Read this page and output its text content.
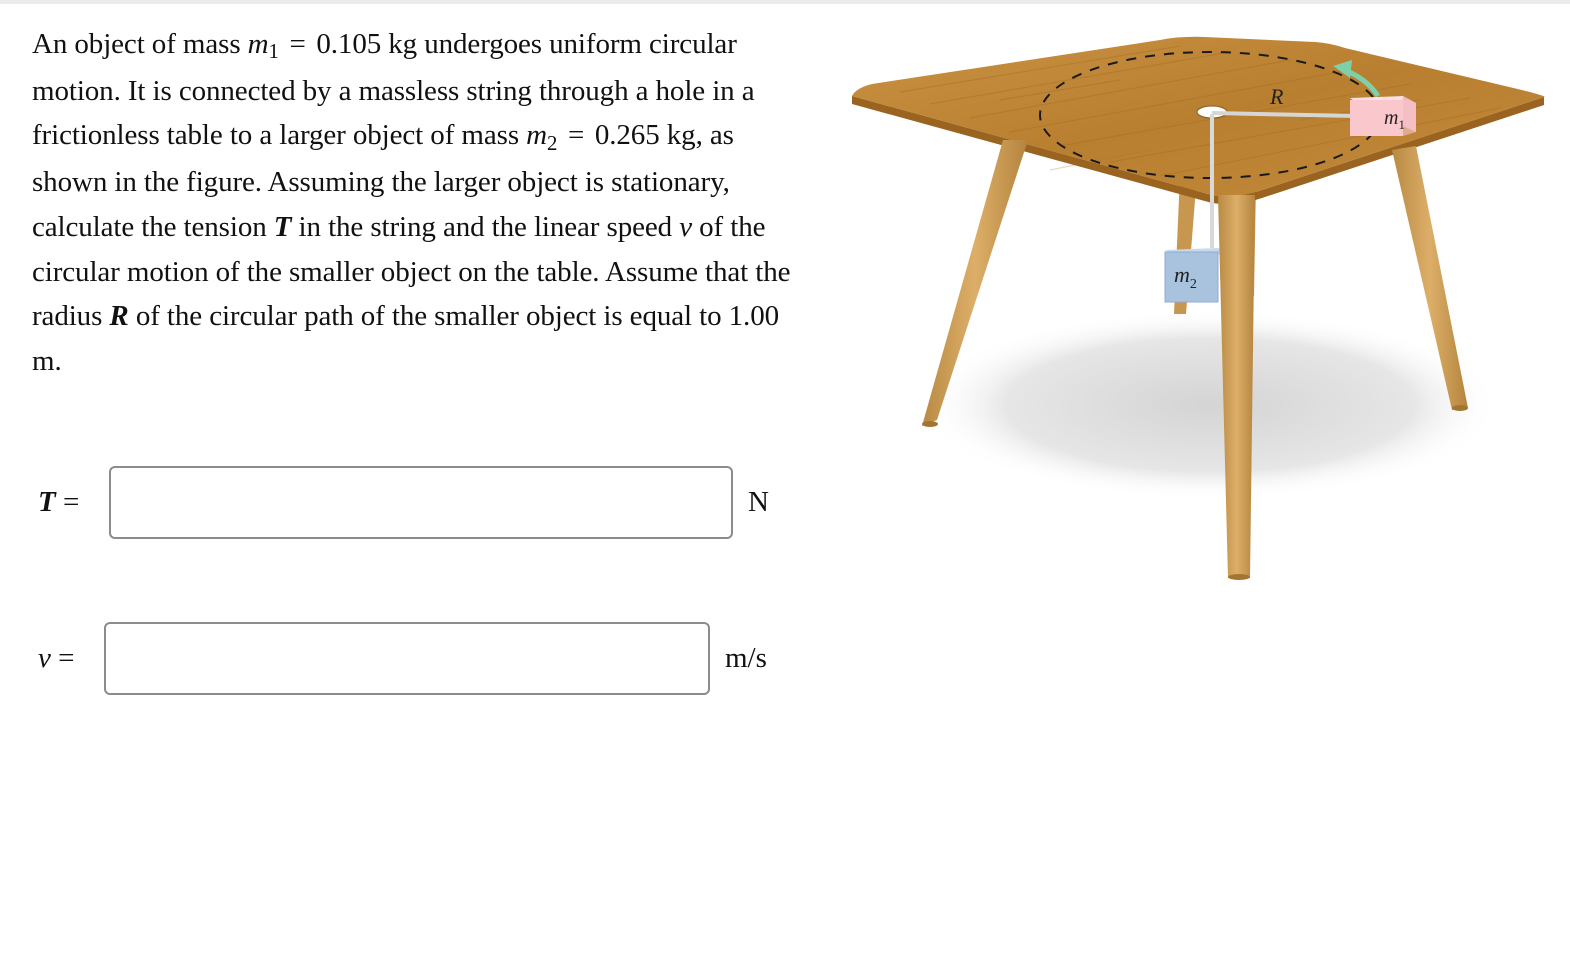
An object of mass m1 = 0.105 kg undergoes uniform circular motion. It is connected by a massless string through a hole in a frictionless table to a larger object of mass m2 = 0.265 kg, as shown in the figure. Assuming the larger object is stationary, calculate the tension T in the string and the linear speed v of the circular motion of the smaller object on the table. Assume that the radius R of the circular path of the smaller object is equal to 1.00 m.

T =	N
v =	m/s
R
$m_1$
$m_2$
